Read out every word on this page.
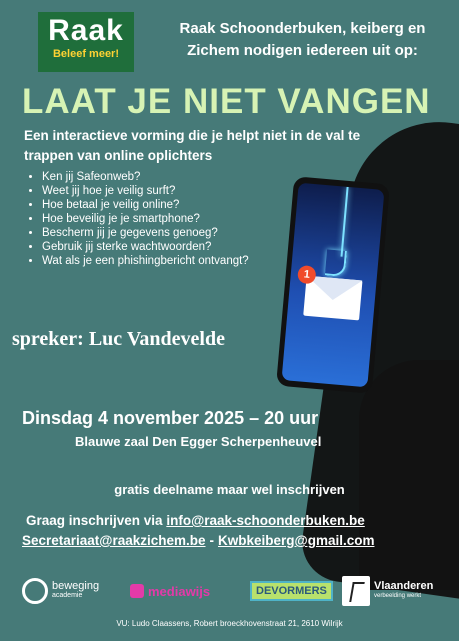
Raak
Beleef meer!
Raak Schoonderbuken, keiberg en
Zichem nodigen iedereen uit op:
LAAT JE NIET VANGEN
Een interactieve vorming die je helpt niet in de val te
trappen van online oplichters
• Ken jij Safeonweb?
• Weet jij hoe je veilig surft?
• Hoe betaal je veilig online?
• Hoe beveilig je je smartphone?
• Bescherm jij je gegevens genoeg?
• Gebruik jij sterke wachtwoorden?
• Wat als je een phishingbericht ontvangt?
1
spreker: Luc Vandevelde
Dinsdag 4 november 2025 – 20 uur
Blauwe zaal Den Egger Scherpenheuvel
gratis deelname maar wel inschrijven
Graag inschrijven via info@raak-schoonderbuken.be
Secretariaat@raakzichem.be - Kwbkeiberg@gmail.com
beweging
academie	mediawijs	DEVORMERS	Vlaanderen
verbeelding werkt
VU: Ludo Claassens, Robert broeckhovenstraat 21, 2610 Wilrijk
